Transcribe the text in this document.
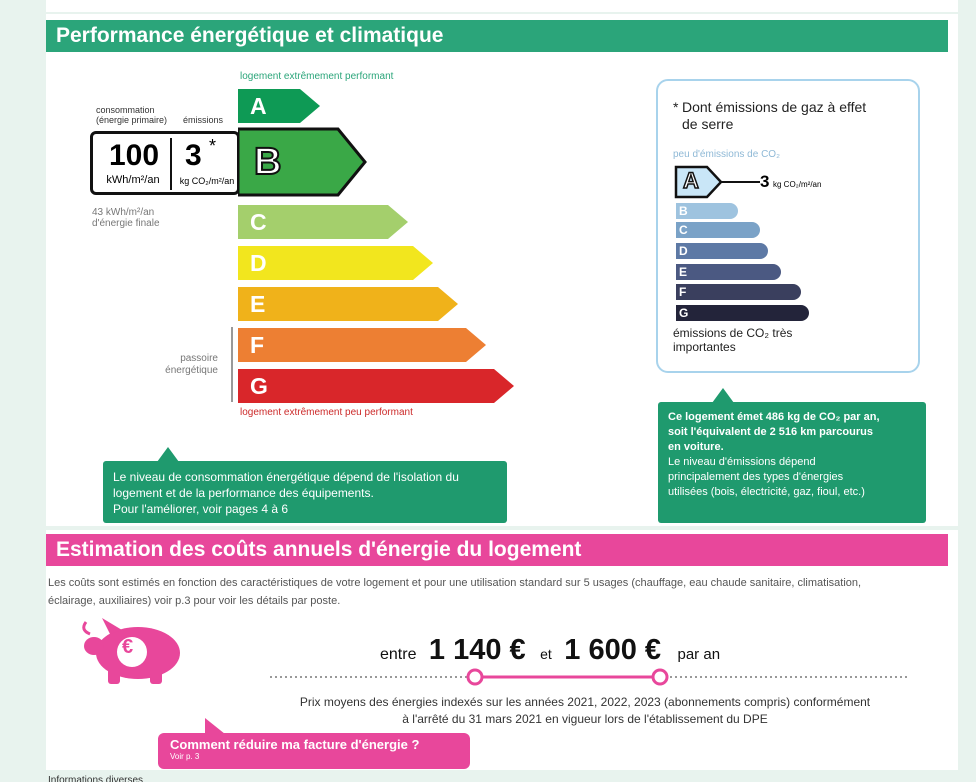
Performance énergétique et climatique
logement extrêmement performant
consommation (énergie primaire)	émissions
100
kWh/m²/an
3 *
kg CO₂/m²/an
43 kWh/m²/an d'énergie finale
passoire énergétique
A
B
C
D
E
F
G
logement extrêmement peu performant
Le niveau de consommation énergétique dépend de l'isolation du
logement et de la performance des équipements.
Pour l'améliorer, voir pages 4 à 6
* Dont émissions de gaz à effet de serre
peu d'émissions de CO₂
A	3 kg CO₂/m²/an
B
C
D
E
F
G
émissions de CO₂ très importantes
Ce logement émet 486 kg de CO₂ par an,
soit l'équivalent de 2 516 km parcourus
en voiture.
Le niveau d'émissions dépend
principalement des types d'énergies
utilisées (bois, électricité, gaz, fioul, etc.)
Estimation des coûts annuels d'énergie du logement
Les coûts sont estimés en fonction des caractéristiques de votre logement et pour une utilisation standard sur 5 usages (chauffage, eau chaude sanitaire, climatisation,
éclairage, auxiliaires) voir p.3 pour voir les détails par poste.
€	entre 1 140 € et 1 600 € par an
Prix moyens des énergies indexés sur les années 2021, 2022, 2023 (abonnements compris) conformément
à l'arrêté du 31 mars 2021 en vigueur lors de l'établissement du DPE
Comment réduire ma facture d'énergie ?
Voir p. 3
Informations diverses
